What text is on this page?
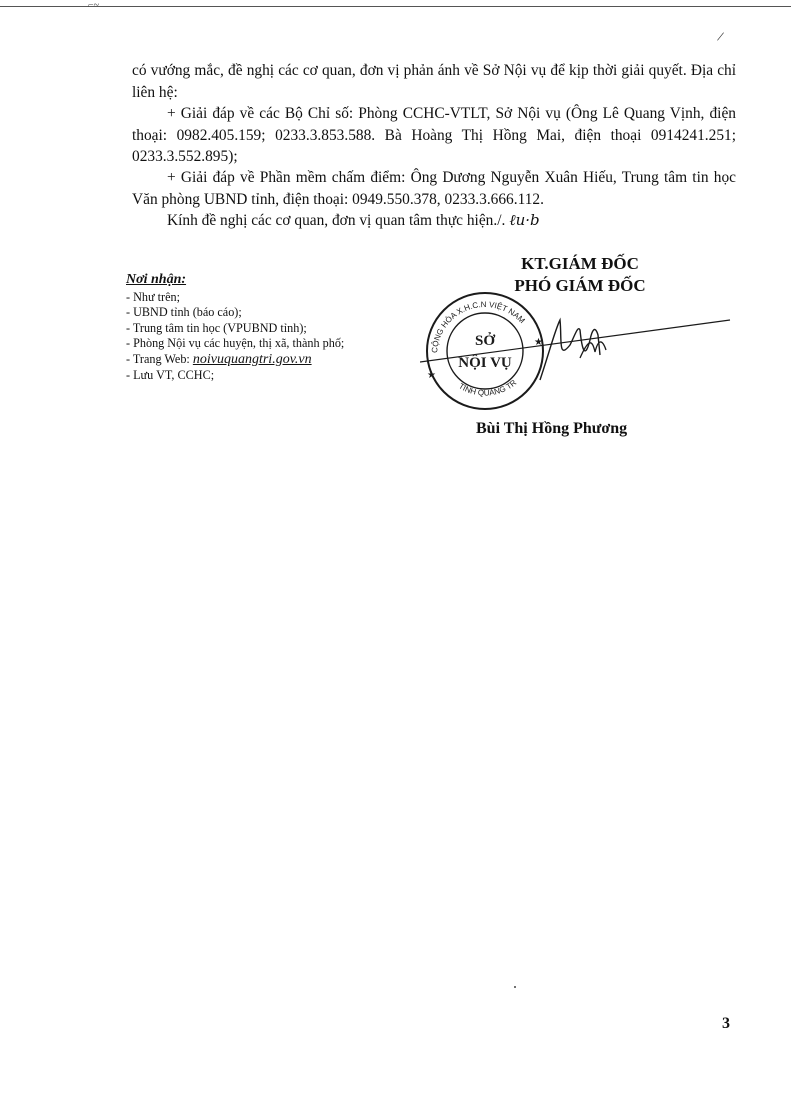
⌐~
/

có vướng mắc, đề nghị các cơ quan, đơn vị phản ánh về Sở Nội vụ để kịp thời giải quyết. Địa chỉ liên hệ:

+ Giải đáp về các Bộ Chỉ số: Phòng CCHC-VTLT, Sở Nội vụ (Ông Lê Quang Vịnh, điện thoại: 0982.405.159; 0233.3.853.588. Bà Hoàng Thị Hồng Mai, điện thoại 0914241.251; 0233.3.552.895);

+ Giải đáp về Phần mềm chấm điểm: Ông Dương Nguyễn Xuân Hiếu, Trung tâm tin học Văn phòng UBND tỉnh, điện thoại: 0949.550.378, 0233.3.666.112.

Kính đề nghị các cơ quan, đơn vị quan tâm thực hiện./. ℓu·b

Nơi nhận:
- Như trên;
- UBND tỉnh (báo cáo);
- Trung tâm tin học (VPUBND tỉnh);
- Phòng Nội vụ các huyện, thị xã, thành phố;
- Trang Web: noivuquangtri.gov.vn
- Lưu VT, CCHC;

KT.GIÁM ĐỐC

PHÓ GIÁM ĐỐC

CỘNG HÒA X.H.C.N VIỆT NAM
TỈNH QUẢNG TR
★
★
SỞ
NỘI VỤ
Bùi Thị Hồng Phương
3
